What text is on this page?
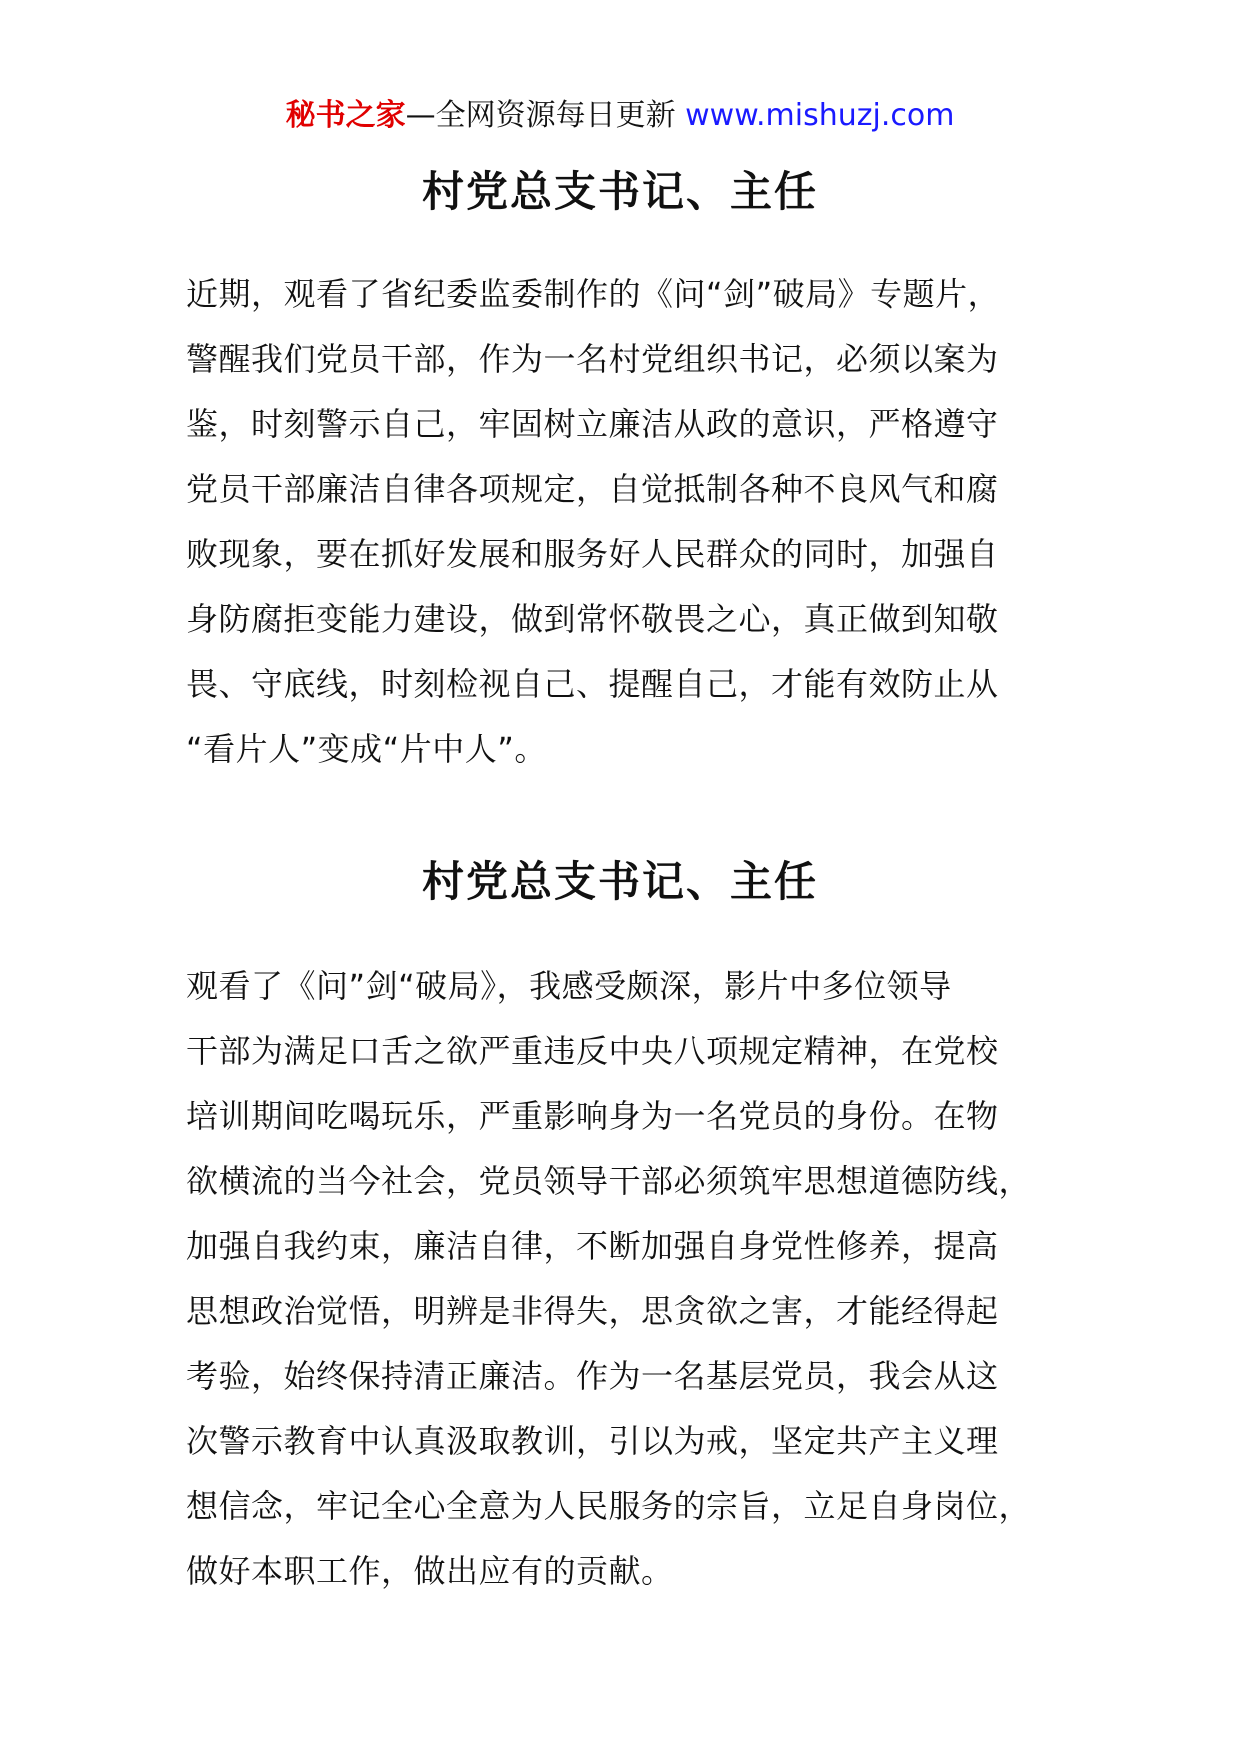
秘书之家—全网资源每日更新 www.mishuzj.com
村党总支书记、主任
近期，观看了省纪委监委制作的《问“剑”破局》专题片，
警醒我们党员干部，作为一名村党组织书记，必须以案为
鉴，时刻警示自己，牢固树立廉洁从政的意识，严格遵守
党员干部廉洁自律各项规定，自觉抵制各种不良风气和腐
败现象，要在抓好发展和服务好人民群众的同时，加强自
身防腐拒变能力建设，做到常怀敬畏之心，真正做到知敬
畏、守底线，时刻检视自己、提醒自己，才能有效防止从
“看片人”变成“片中人”。
村党总支书记、主任
观看了《问”剑“破局》，我感受颇深，影片中多位领导
干部为满足口舌之欲严重违反中央八项规定精神，在党校
培训期间吃喝玩乐，严重影响身为一名党员的身份。在物
欲横流的当今社会，党员领导干部必须筑牢思想道德防线，
加强自我约束，廉洁自律，不断加强自身党性修养，提高
思想政治觉悟，明辨是非得失，思贪欲之害，才能经得起
考验，始终保持清正廉洁。作为一名基层党员，我会从这
次警示教育中认真汲取教训，引以为戒，坚定共产主义理
想信念，牢记全心全意为人民服务的宗旨，立足自身岗位，
做好本职工作，做出应有的贡献。
